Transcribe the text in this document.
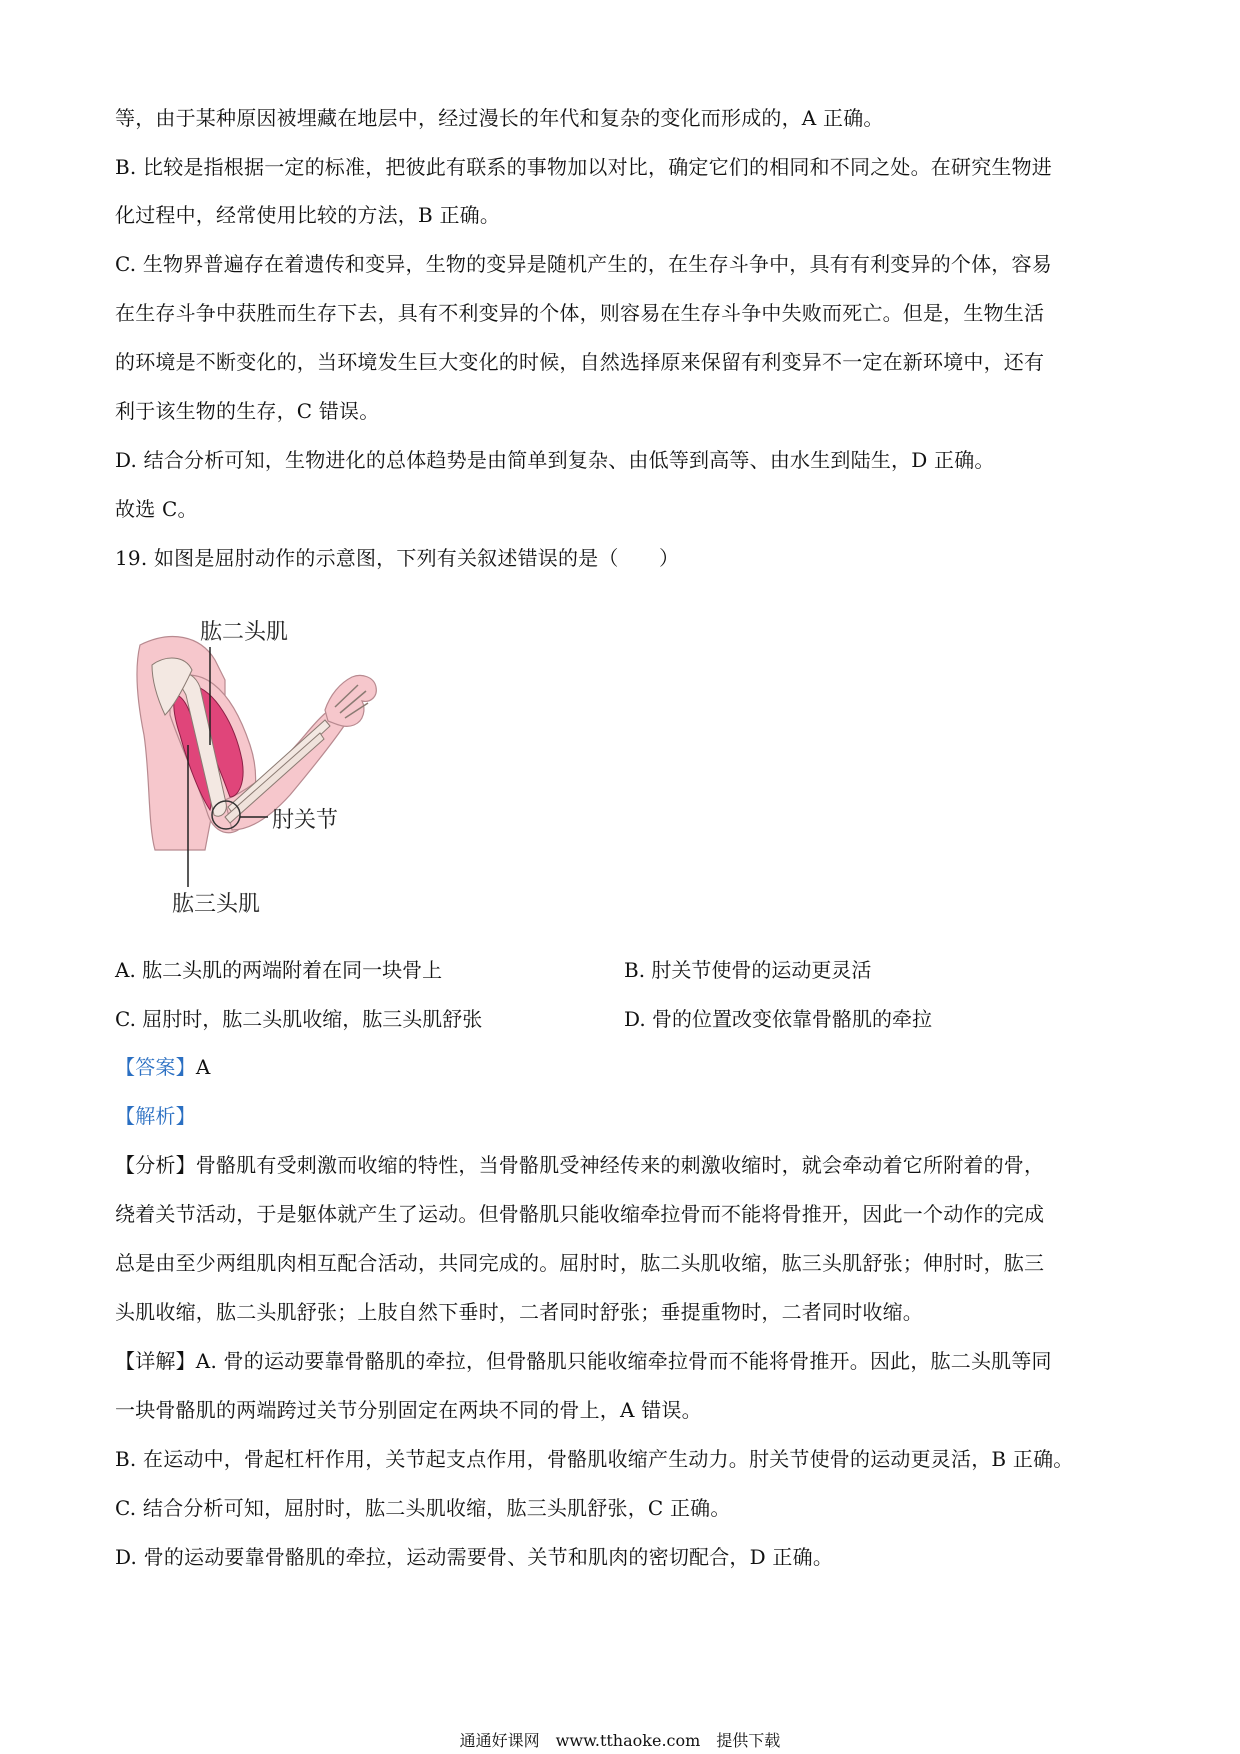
等，由于某种原因被埋藏在地层中，经过漫长的年代和复杂的变化而形成的，A 正确。
B. 比较是指根据一定的标准，把彼此有联系的事物加以对比，确定它们的相同和不同之处。在研究生物进
化过程中，经常使用比较的方法，B 正确。
C. 生物界普遍存在着遗传和变异，生物的变异是随机产生的，在生存斗争中，具有有利变异的个体，容易
在生存斗争中获胜而生存下去，具有不利变异的个体，则容易在生存斗争中失败而死亡。但是，生物生活
的环境是不断变化的，当环境发生巨大变化的时候，自然选择原来保留有利变异不一定在新环境中，还有
利于该生物的生存，C 错误。
D. 结合分析可知，生物进化的总体趋势是由简单到复杂、由低等到高等、由水生到陆生，D 正确。
故选 C。
19. 如图是屈肘动作的示意图，下列有关叙述错误的是（　　）
肱二头肌
肘关节
肱三头肌
A. 肱二头肌的两端附着在同一块骨上	B. 肘关节使骨的运动更灵活
C. 屈肘时，肱二头肌收缩，肱三头肌舒张	D. 骨的位置改变依靠骨骼肌的牵拉
【答案】A
【解析】
【分析】骨骼肌有受刺激而收缩的特性，当骨骼肌受神经传来的刺激收缩时，就会牵动着它所附着的骨，
绕着关节活动，于是躯体就产生了运动。但骨骼肌只能收缩牵拉骨而不能将骨推开，因此一个动作的完成
总是由至少两组肌肉相互配合活动，共同完成的。屈肘时，肱二头肌收缩，肱三头肌舒张；伸肘时，肱三
头肌收缩，肱二头肌舒张；上肢自然下垂时，二者同时舒张；垂提重物时，二者同时收缩。
【详解】A. 骨的运动要靠骨骼肌的牵拉，但骨骼肌只能收缩牵拉骨而不能将骨推开。因此，肱二头肌等同
一块骨骼肌的两端跨过关节分别固定在两块不同的骨上，A 错误。
B. 在运动中，骨起杠杆作用，关节起支点作用，骨骼肌收缩产生动力。肘关节使骨的运动更灵活，B 正确。
C. 结合分析可知，屈肘时，肱二头肌收缩，肱三头肌舒张，C 正确。
D. 骨的运动要靠骨骼肌的牵拉，运动需要骨、关节和肌肉的密切配合，D 正确。
通通好课网　www.tthaoke.com　提供下载
